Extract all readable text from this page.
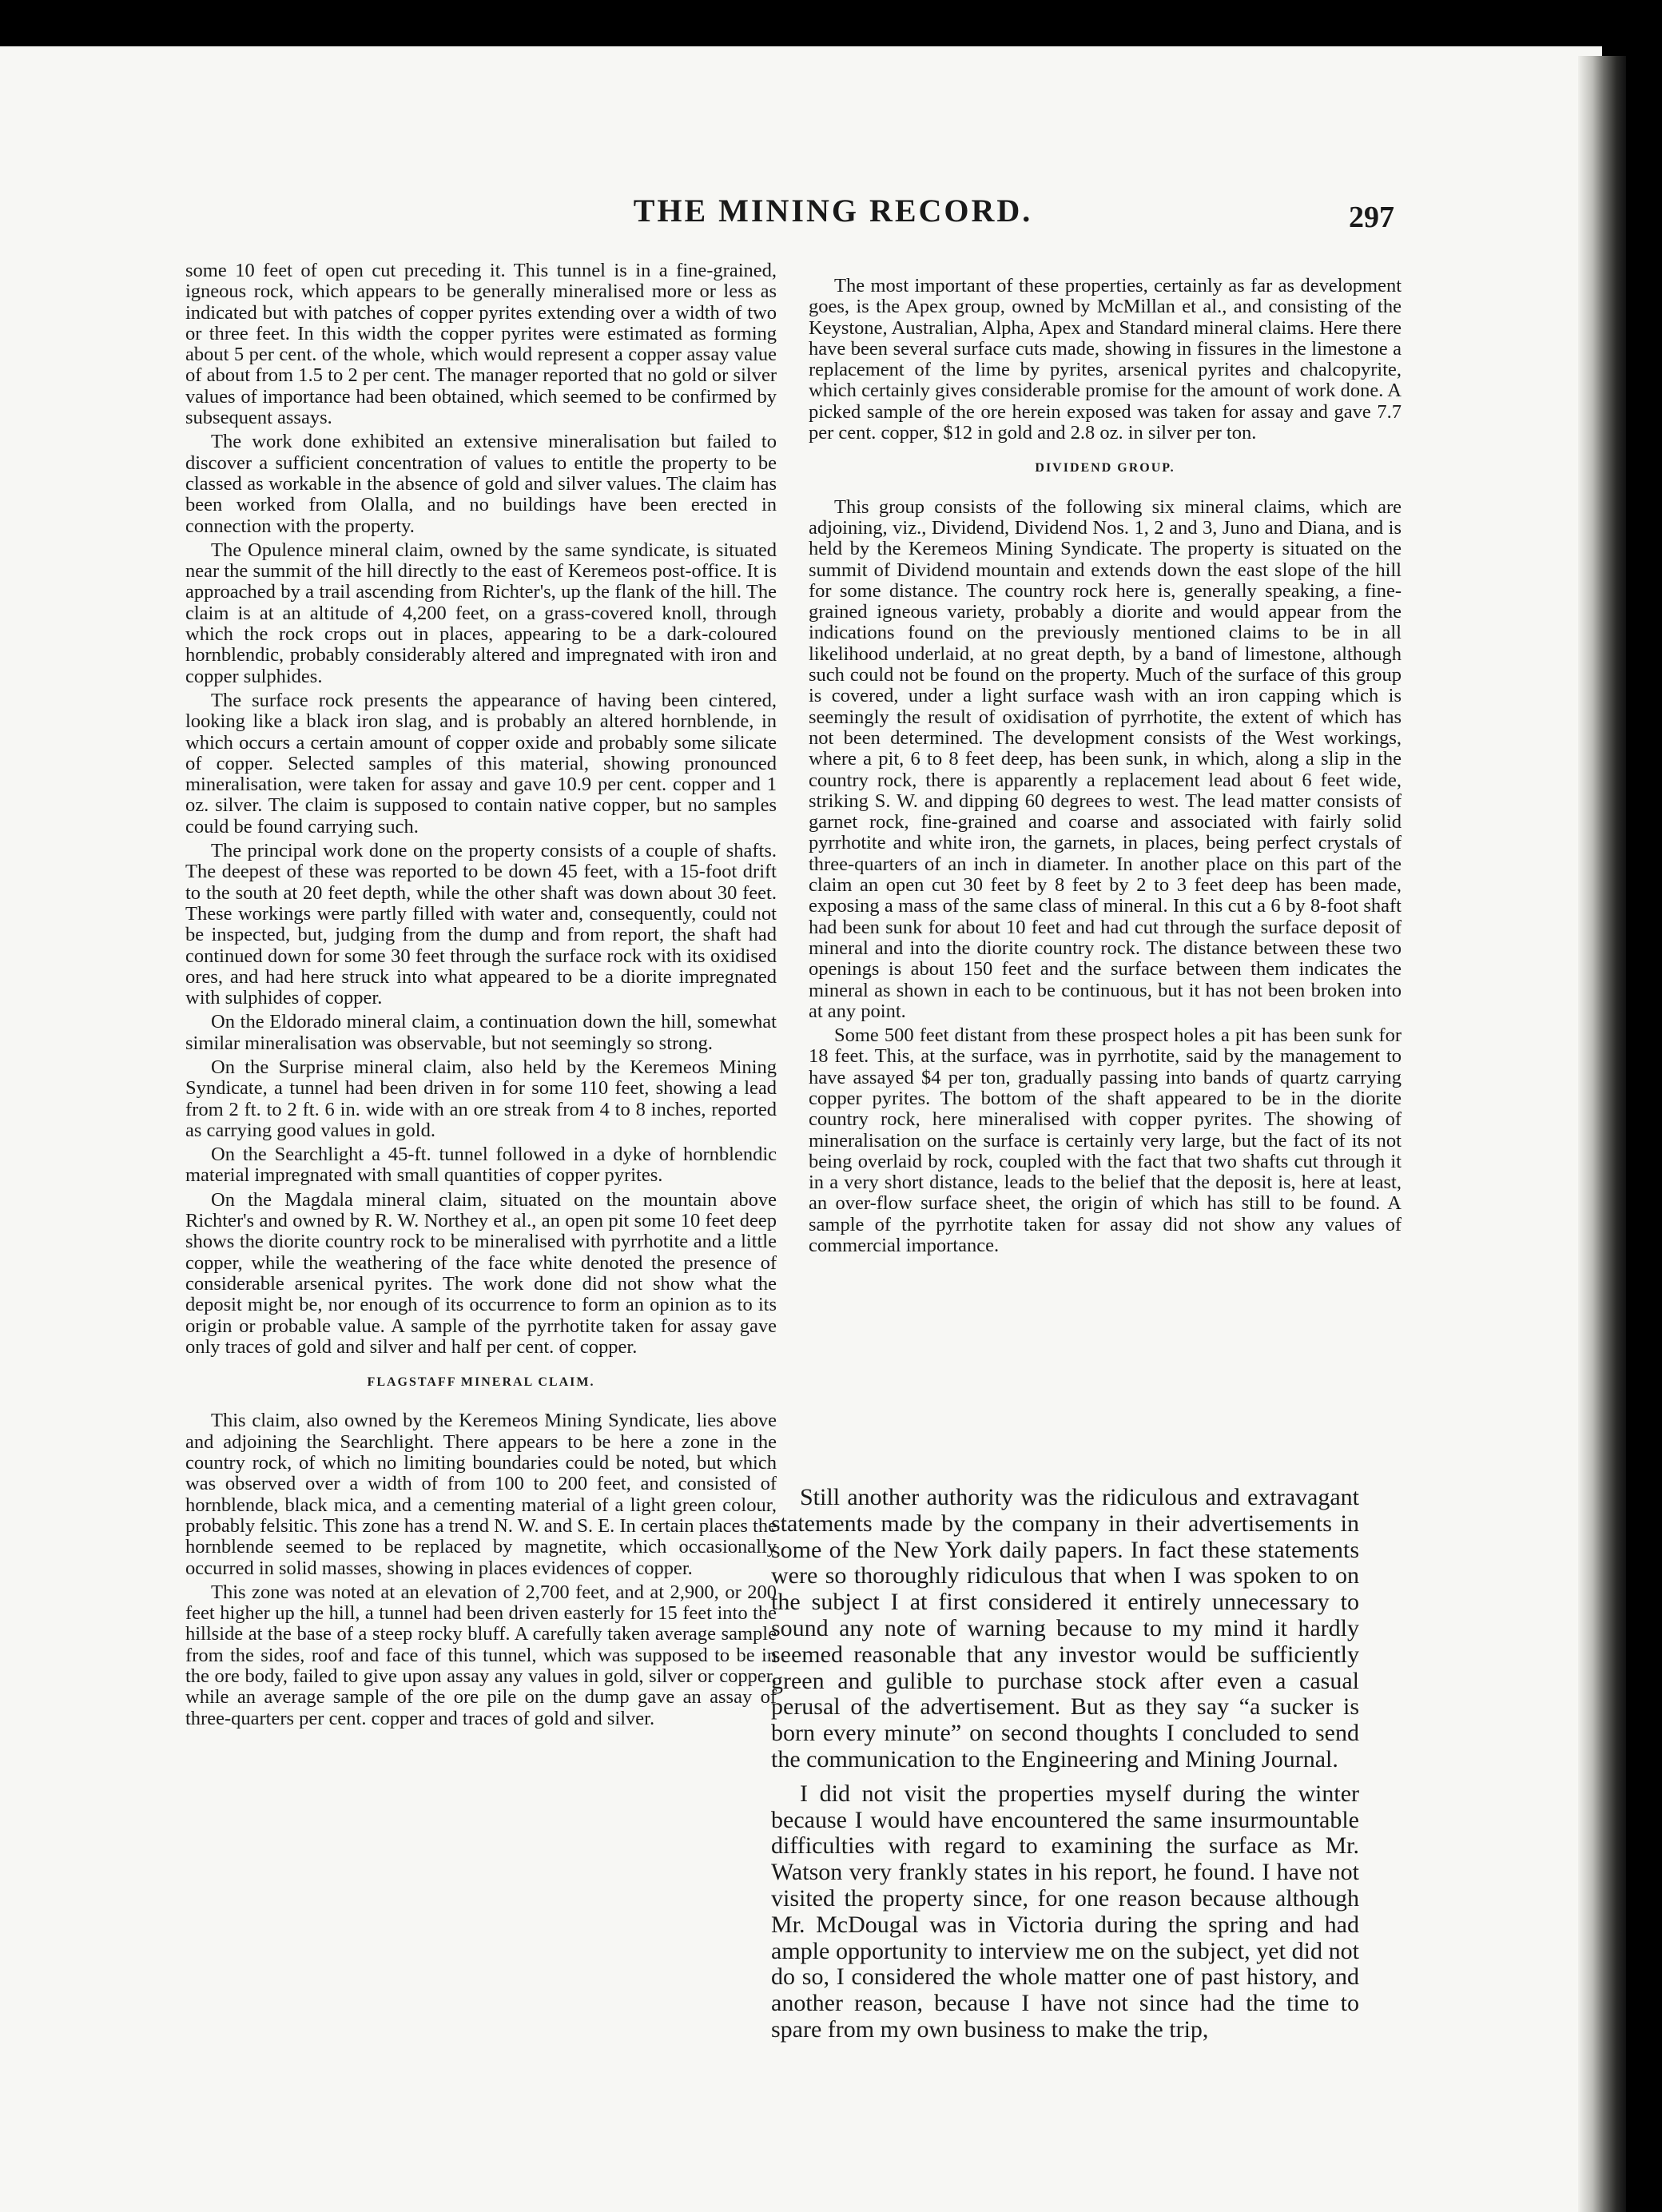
THE MINING RECORD.	297

some 10 feet of open cut preceding it. This tunnel is in a fine-grained, igneous rock, which appears to be generally mineralised more or less as indicated but with patches of copper pyrites extending over a width of two or three feet. In this width the copper pyrites were estimated as forming about 5 per cent. of the whole, which would represent a copper assay value of about from 1.5 to 2 per cent. The manager reported that no gold or silver values of importance had been obtained, which seemed to be confirmed by subsequent assays.

The work done exhibited an extensive mineralisation but failed to discover a sufficient concentration of values to entitle the property to be classed as workable in the absence of gold and silver values. The claim has been worked from Olalla, and no buildings have been erected in connection with the property.

The Opulence mineral claim, owned by the same syndicate, is situated near the summit of the hill directly to the east of Keremeos post-office. It is approached by a trail ascending from Richter's, up the flank of the hill. The claim is at an altitude of 4,200 feet, on a grass-covered knoll, through which the rock crops out in places, appearing to be a dark-coloured hornblendic, probably considerably altered and impregnated with iron and copper sulphides.

The surface rock presents the appearance of having been cintered, looking like a black iron slag, and is probably an altered hornblende, in which occurs a certain amount of copper oxide and probably some silicate of copper. Selected samples of this material, showing pronounced mineralisation, were taken for assay and gave 10.9 per cent. copper and 1 oz. silver. The claim is supposed to contain native copper, but no samples could be found carrying such.

The principal work done on the property consists of a couple of shafts. The deepest of these was reported to be down 45 feet, with a 15-foot drift to the south at 20 feet depth, while the other shaft was down about 30 feet. These workings were partly filled with water and, consequently, could not be inspected, but, judging from the dump and from report, the shaft had continued down for some 30 feet through the surface rock with its oxidised ores, and had here struck into what appeared to be a diorite impregnated with sulphides of copper.

On the Eldorado mineral claim, a continuation down the hill, somewhat similar mineralisation was observable, but not seemingly so strong.

On the Surprise mineral claim, also held by the Keremeos Mining Syndicate, a tunnel had been driven in for some 110 feet, showing a lead from 2 ft. to 2 ft. 6 in. wide with an ore streak from 4 to 8 inches, reported as carrying good values in gold.

On the Searchlight a 45-ft. tunnel followed in a dyke of hornblendic material impregnated with small quantities of copper pyrites.

On the Magdala mineral claim, situated on the mountain above Richter's and owned by R. W. Northey et al., an open pit some 10 feet deep shows the diorite country rock to be mineralised with pyrrhotite and a little copper, while the weathering of the face white denoted the presence of considerable arsenical pyrites. The work done did not show what the deposit might be, nor enough of its occurrence to form an opinion as to its origin or probable value. A sample of the pyrrhotite taken for assay gave only traces of gold and silver and half per cent. of copper.

FLAGSTAFF MINERAL CLAIM.

This claim, also owned by the Keremeos Mining Syndicate, lies above and adjoining the Searchlight. There appears to be here a zone in the country rock, of which no limiting boundaries could be noted, but which was observed over a width of from 100 to 200 feet, and consisted of hornblende, black mica, and a cementing material of a light green colour, probably felsitic. This zone has a trend N. W. and S. E. In certain places the hornblende seemed to be replaced by magnetite, which occasionally occurred in solid masses, showing in places evidences of copper.

This zone was noted at an elevation of 2,700 feet, and at 2,900, or 200 feet higher up the hill, a tunnel had been driven easterly for 15 feet into the hillside at the base of a steep rocky bluff. A carefully taken average sample from the sides, roof and face of this tunnel, which was supposed to be in the ore body, failed to give upon assay any values in gold, silver or copper, while an average sample of the ore pile on the dump gave an assay of three-quarters per cent. copper and traces of gold and silver.

The most important of these properties, certainly as far as development goes, is the Apex group, owned by McMillan et al., and consisting of the Keystone, Australian, Alpha, Apex and Standard mineral claims. Here there have been several surface cuts made, showing in fissures in the limestone a replacement of the lime by pyrites, arsenical pyrites and chalcopyrite, which certainly gives considerable promise for the amount of work done. A picked sample of the ore herein exposed was taken for assay and gave 7.7 per cent. copper, $12 in gold and 2.8 oz. in silver per ton.

DIVIDEND GROUP.

This group consists of the following six mineral claims, which are adjoining, viz., Dividend, Dividend Nos. 1, 2 and 3, Juno and Diana, and is held by the Keremeos Mining Syndicate. The property is situated on the summit of Dividend mountain and extends down the east slope of the hill for some distance. The country rock here is, generally speaking, a fine-grained igneous variety, probably a diorite and would appear from the indications found on the previously mentioned claims to be in all likelihood underlaid, at no great depth, by a band of limestone, although such could not be found on the property. Much of the surface of this group is covered, under a light surface wash with an iron capping which is seemingly the result of oxidisation of pyrrhotite, the extent of which has not been determined. The development consists of the West workings, where a pit, 6 to 8 feet deep, has been sunk, in which, along a slip in the country rock, there is apparently a replacement lead about 6 feet wide, striking S. W. and dipping 60 degrees to west. The lead matter consists of garnet rock, fine-grained and coarse and associated with fairly solid pyrrhotite and white iron, the garnets, in places, being perfect crystals of three-quarters of an inch in diameter. In another place on this part of the claim an open cut 30 feet by 8 feet by 2 to 3 feet deep has been made, exposing a mass of the same class of mineral. In this cut a 6 by 8-foot shaft had been sunk for about 10 feet and had cut through the surface deposit of mineral and into the diorite country rock. The distance between these two openings is about 150 feet and the surface between them indicates the mineral as shown in each to be continuous, but it has not been broken into at any point.

Some 500 feet distant from these prospect holes a pit has been sunk for 18 feet. This, at the surface, was in pyrrhotite, said by the management to have assayed $4 per ton, gradually passing into bands of quartz carrying copper pyrites. The bottom of the shaft appeared to be in the diorite country rock, here mineralised with copper pyrites. The showing of mineralisation on the surface is certainly very large, but the fact of its not being overlaid by rock, coupled with the fact that two shafts cut through it in a very short distance, leads to the belief that the deposit is, here at least, an over-flow surface sheet, the origin of which has still to be found. A sample of the pyrrhotite taken for assay did not show any values of commercial importance.

Still another authority was the ridiculous and extravagant statements made by the company in their advertisements in some of the New York daily papers. In fact these statements were so thoroughly ridiculous that when I was spoken to on the subject I at first considered it entirely unnecessary to sound any note of warning because to my mind it hardly seemed reasonable that any investor would be sufficiently green and gulible to purchase stock after even a casual perusal of the advertisement. But as they say “a sucker is born every minute” on second thoughts I concluded to send the communication to the Engineering and Mining Journal.

I did not visit the properties myself during the winter because I would have encountered the same insurmountable difficulties with regard to examining the surface as Mr. Watson very frankly states in his report, he found. I have not visited the property since, for one reason because although Mr. McDougal was in Victoria during the spring and had ample opportunity to interview me on the subject, yet did not do so, I considered the whole matter one of past history, and another reason, because I have not since had the time to spare from my own business to make the trip,
